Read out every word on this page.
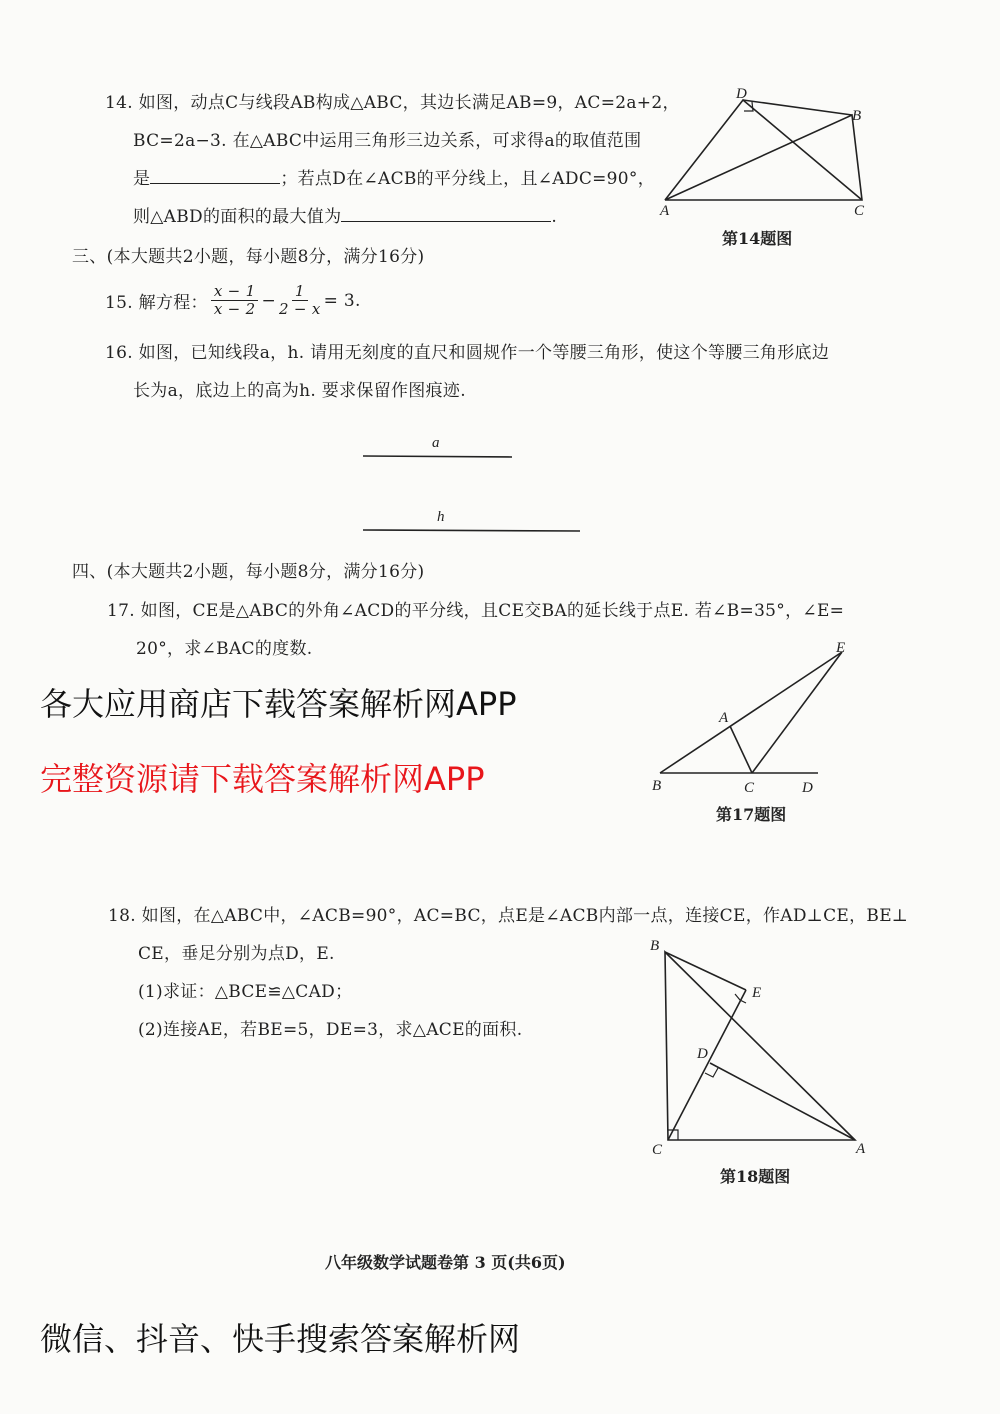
14. 如图，动点C与线段AB构成△ABC，其边长满足AB=9，AC=2a+2，
BC=2a−3. 在△ABC中运用三角形三边关系，可求得a的取值范围
是	；若点D在∠ACB的平分线上，且∠ADC=90°，
则△ABD的面积的最大值为	.
第14题图
三、(本大题共2小题，每小题8分，满分16分)
15. 解方程： $\frac{x - 1}{x - 2} - \frac{1}{2 - x} = 3$.
16. 如图，已知线段a，h. 请用无刻度的直尺和圆规作一个等腰三角形，使这个等腰三角形底边
长为a，底边上的高为h. 要求保留作图痕迹.
四、(本大题共2小题，每小题8分，满分16分)
17. 如图，CE是△ABC的外角∠ACD的平分线，且CE交BA的延长线于点E. 若∠B=35°，∠E=
20°，求∠BAC的度数.
第17题图
18. 如图，在△ABC中，∠ACB=90°，AC=BC，点E是∠ACB内部一点，连接CE，作AD⊥CE，BE⊥
CE，垂足分别为点D，E.
(1)求证：△BCE≌△CAD；
(2)连接AE，若BE=5，DE=3，求△ACE的面积.
第18题图
八年级数学试题卷第 3 页(共6页)
D
B
A	C
a
h
E
A
B	C	D
B
E
D
C	A
各大应用商店下载答案解析网APP
完整资源请下载答案解析网APP
微信、抖音、快手搜索答案解析网
